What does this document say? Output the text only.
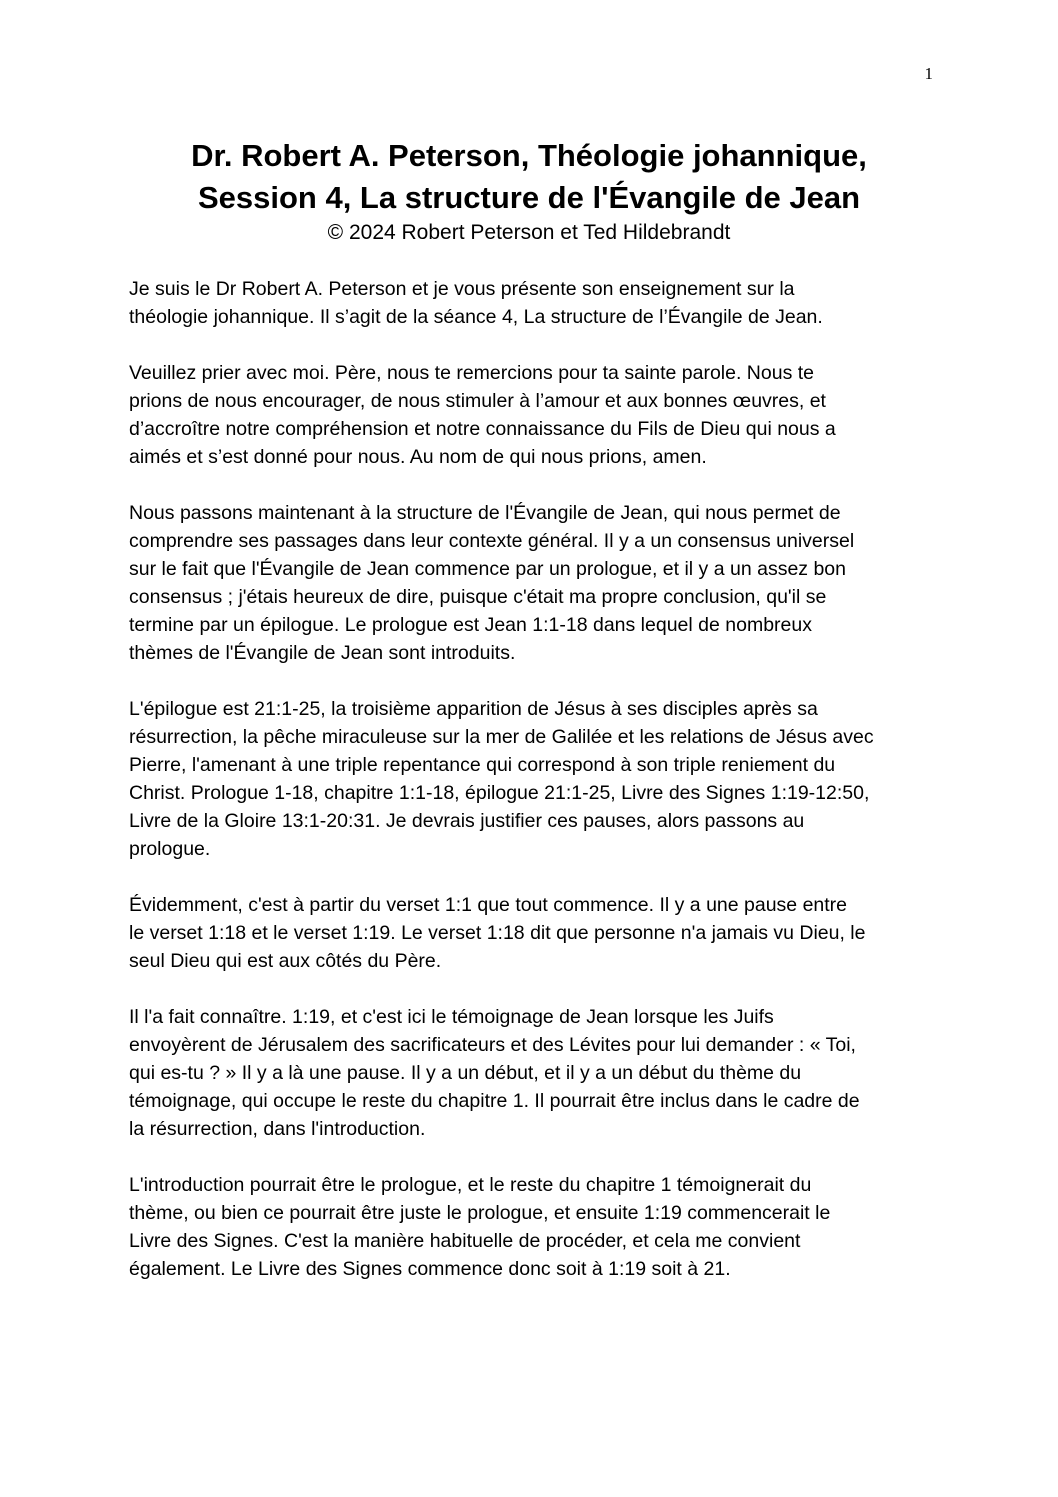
1
Dr. Robert A. Peterson, Théologie johannique,
Session 4, La structure de l'Évangile de Jean
© 2024 Robert Peterson et Ted Hildebrandt

Je suis le Dr Robert A. Peterson et je vous présente son enseignement sur la
théologie johannique. Il s’agit de la séance 4, La structure de l’Évangile de Jean.

Veuillez prier avec moi. Père, nous te remercions pour ta sainte parole. Nous te
prions de nous encourager, de nous stimuler à l’amour et aux bonnes œuvres, et
d’accroître notre compréhension et notre connaissance du Fils de Dieu qui nous a
aimés et s’est donné pour nous. Au nom de qui nous prions, amen.

Nous passons maintenant à la structure de l'Évangile de Jean, qui nous permet de
comprendre ses passages dans leur contexte général. Il y a un consensus universel
sur le fait que l'Évangile de Jean commence par un prologue, et il y a un assez bon
consensus ; j'étais heureux de dire, puisque c'était ma propre conclusion, qu'il se
termine par un épilogue. Le prologue est Jean 1:1-18 dans lequel de nombreux
thèmes de l'Évangile de Jean sont introduits.

L'épilogue est 21:1-25, la troisième apparition de Jésus à ses disciples après sa
résurrection, la pêche miraculeuse sur la mer de Galilée et les relations de Jésus avec
Pierre, l'amenant à une triple repentance qui correspond à son triple reniement du
Christ. Prologue 1-18, chapitre 1:1-18, épilogue 21:1-25, Livre des Signes 1:19-12:50,
Livre de la Gloire 13:1-20:31. Je devrais justifier ces pauses, alors passons au
prologue.

Évidemment, c'est à partir du verset 1:1 que tout commence. Il y a une pause entre
le verset 1:18 et le verset 1:19. Le verset 1:18 dit que personne n'a jamais vu Dieu, le
seul Dieu qui est aux côtés du Père.

Il l'a fait connaître. 1:19, et c'est ici le témoignage de Jean lorsque les Juifs
envoyèrent de Jérusalem des sacrificateurs et des Lévites pour lui demander : « Toi,
qui es-tu ? » Il y a là une pause. Il y a un début, et il y a un début du thème du
témoignage, qui occupe le reste du chapitre 1. Il pourrait être inclus dans le cadre de
la résurrection, dans l'introduction.

L'introduction pourrait être le prologue, et le reste du chapitre 1 témoignerait du
thème, ou bien ce pourrait être juste le prologue, et ensuite 1:19 commencerait le
Livre des Signes. C'est la manière habituelle de procéder, et cela me convient
également. Le Livre des Signes commence donc soit à 1:19 soit à 21.
